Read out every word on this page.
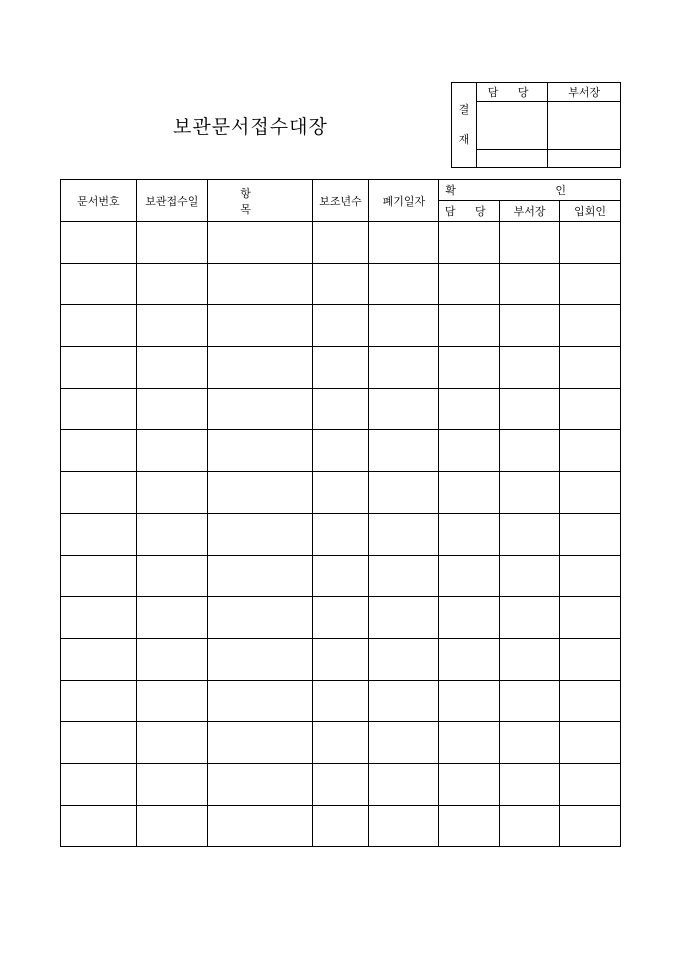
보관문서접수대장
결
재	담 당	부서장

문서번호	보관접수일	항 목	보조년수	폐기일자	확 인		
					담 당	부서장	입회인
